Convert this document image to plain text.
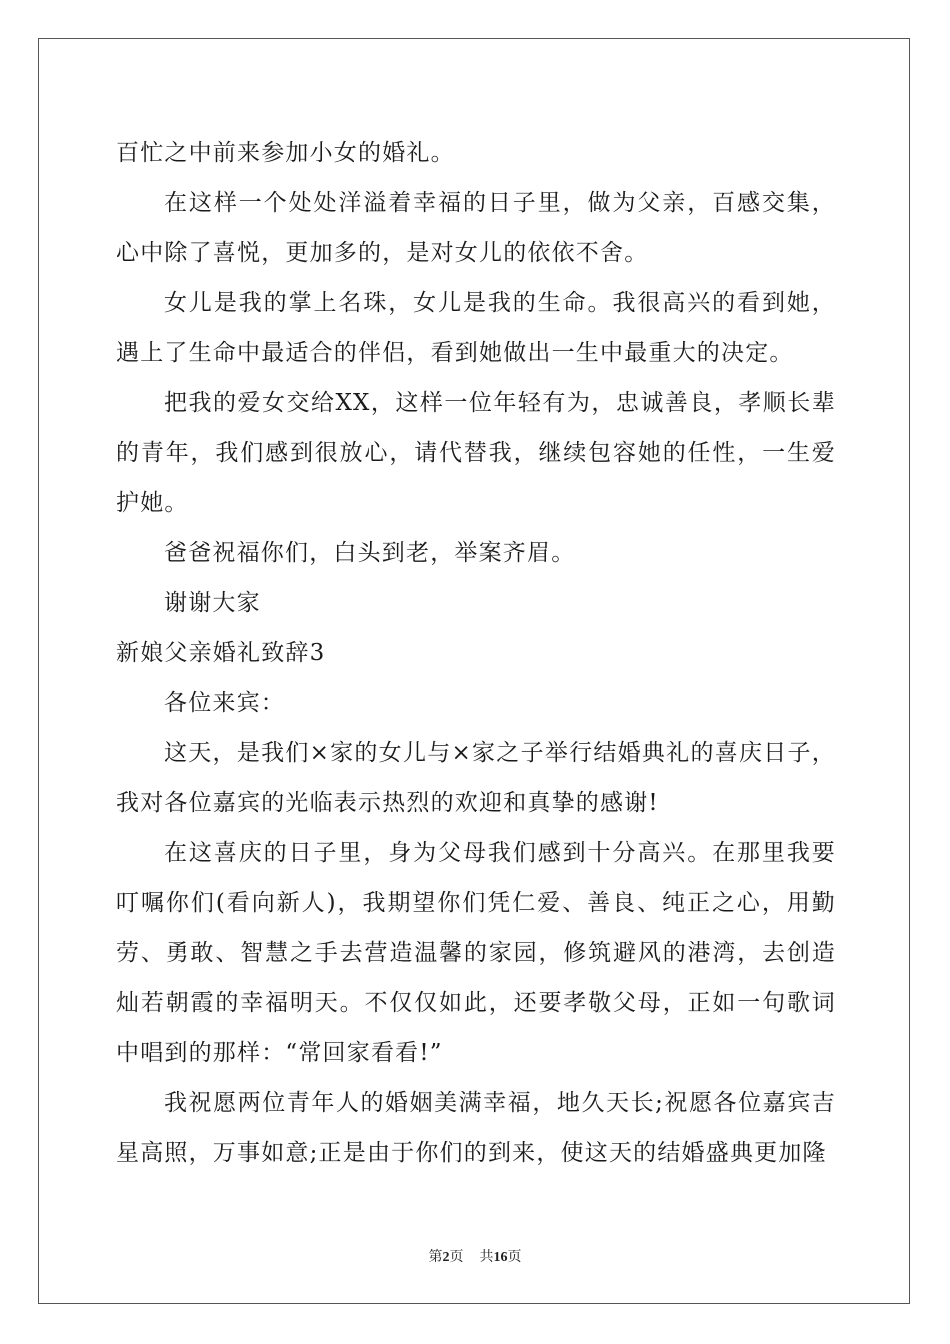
百忙之中前来参加小女的婚礼。

在这样一个处处洋溢着幸福的日子里，做为父亲，百感交集，心中除了喜悦，更加多的，是对女儿的依依不舍。

女儿是我的掌上名珠，女儿是我的生命。我很高兴的看到她，遇上了生命中最适合的伴侣，看到她做出一生中最重大的决定。

把我的爱女交给XX，这样一位年轻有为，忠诚善良，孝顺长辈的青年，我们感到很放心，请代替我，继续包容她的任性，一生爱护她。

爸爸祝福你们，白头到老，举案齐眉。

谢谢大家

新娘父亲婚礼致辞3

各位来宾：

这天，是我们×家的女儿与×家之子举行结婚典礼的喜庆日子，我对各位嘉宾的光临表示热烈的欢迎和真挚的感谢!

在这喜庆的日子里，身为父母我们感到十分高兴。在那里我要叮嘱你们(看向新人)，我期望你们凭仁爱、善良、纯正之心，用勤劳、勇敢、智慧之手去营造温馨的家园，修筑避风的港湾，去创造灿若朝霞的幸福明天。不仅仅如此，还要孝敬父母，正如一句歌词中唱到的那样：“常回家看看!”

我祝愿两位青年人的婚姻美满幸福，地久天长;祝愿各位嘉宾吉星高照，万事如意;正是由于你们的到来，使这天的结婚盛典更加隆

第2页 共16页
